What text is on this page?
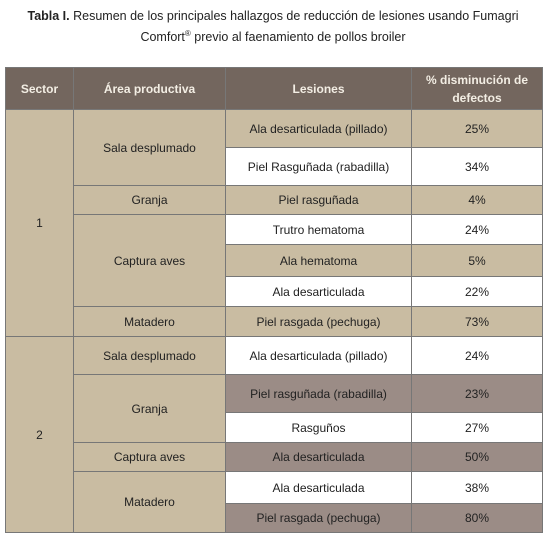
Tabla I. Resumen de los principales hallazgos de reducción de lesiones usando Fumagri
Comfort® previo al faenamiento de pollos broiler
Sector	Área productiva	Lesiones	% disminución de defectos
1	Sala desplumado	Ala desarticulada (pillado)	25%
		Piel Rasguñada (rabadilla)	34%
	Granja	Piel rasguñada	4%
	Captura aves	Trutro hematoma	24%
		Ala hematoma	5%
		Ala desarticulada	22%
	Matadero	Piel rasgada (pechuga)	73%
2	Sala desplumado	Ala desarticulada (pillado)	24%
	Granja	Piel rasguñada (rabadilla)	23%
		Rasguños	27%
	Captura aves	Ala desarticulada	50%
	Matadero	Ala desarticulada	38%
		Piel rasgada (pechuga)	80%
